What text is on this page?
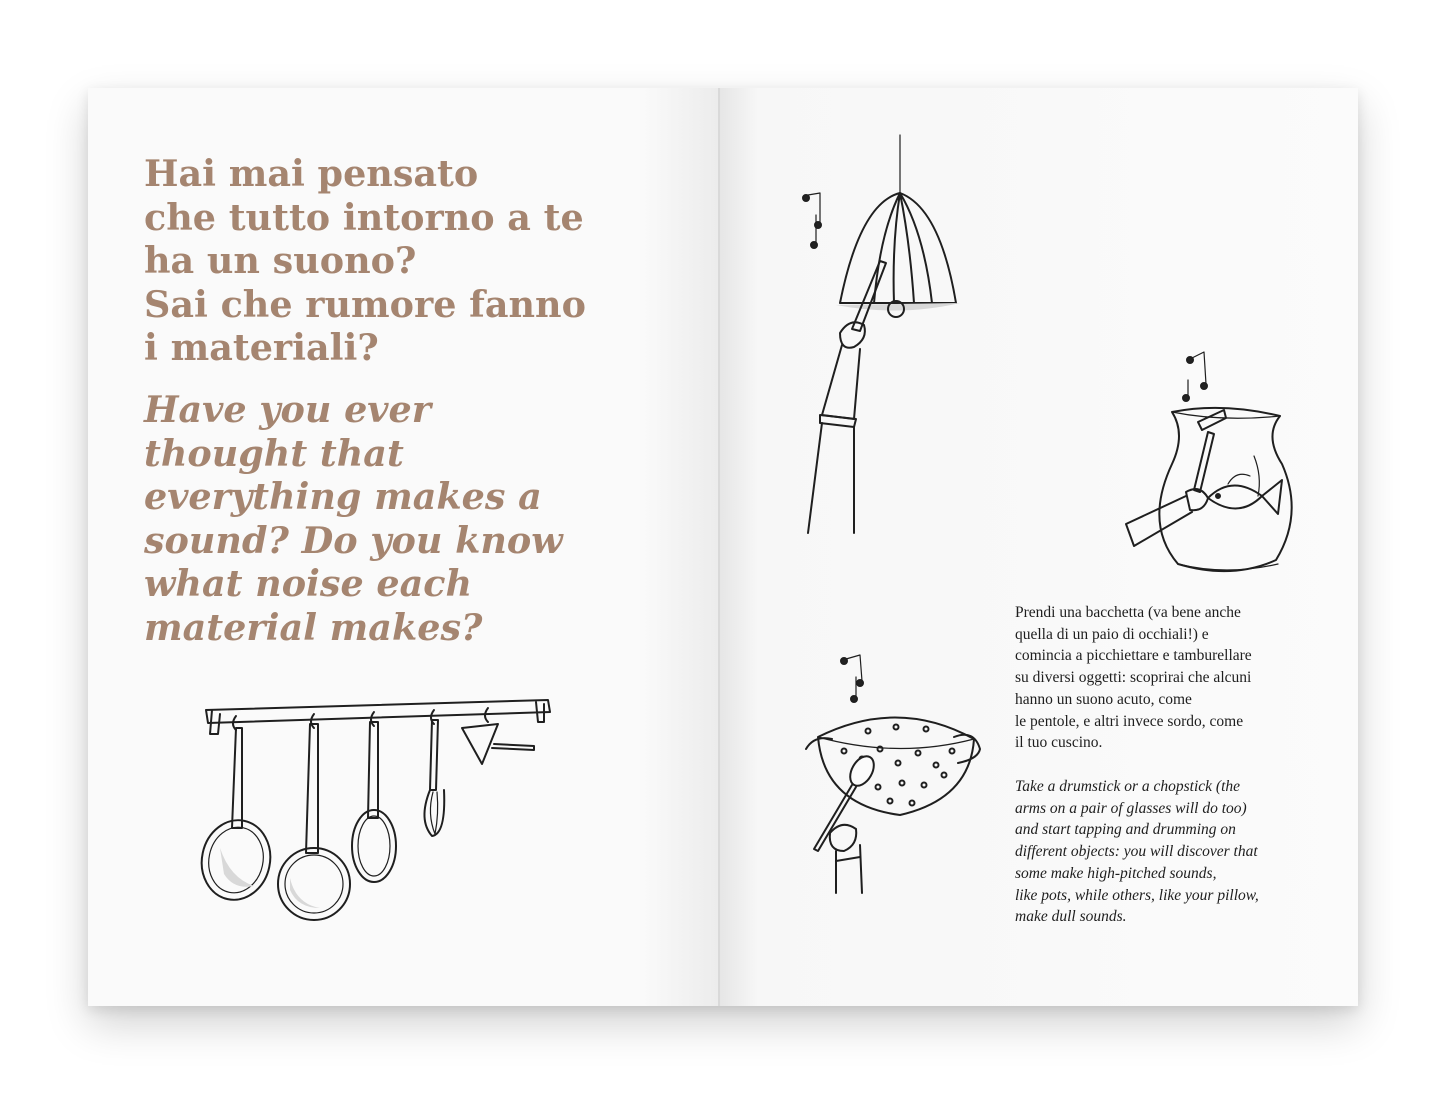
Hai mai pensato
che tutto intorno a te
ha un suono?
Sai che rumore fanno
i materiali?
Have you ever
thought that
everything makes a
sound? Do you know
what noise each
material makes?	Prendi una bacchetta (va bene anche
quella di un paio di occhiali!) e
comincia a picchiettare e tamburellare
su diversi oggetti: scoprirai che alcuni
hanno un suono acuto, come
le pentole, e altri invece sordo, come
il tuo cuscino.

Take a drumstick or a chopstick (the
arms on a pair of glasses will do too)
and start tapping and drumming on
different objects: you will discover that
some make high-pitched sounds,
like pots, while others, like your pillow,
make dull sounds.
